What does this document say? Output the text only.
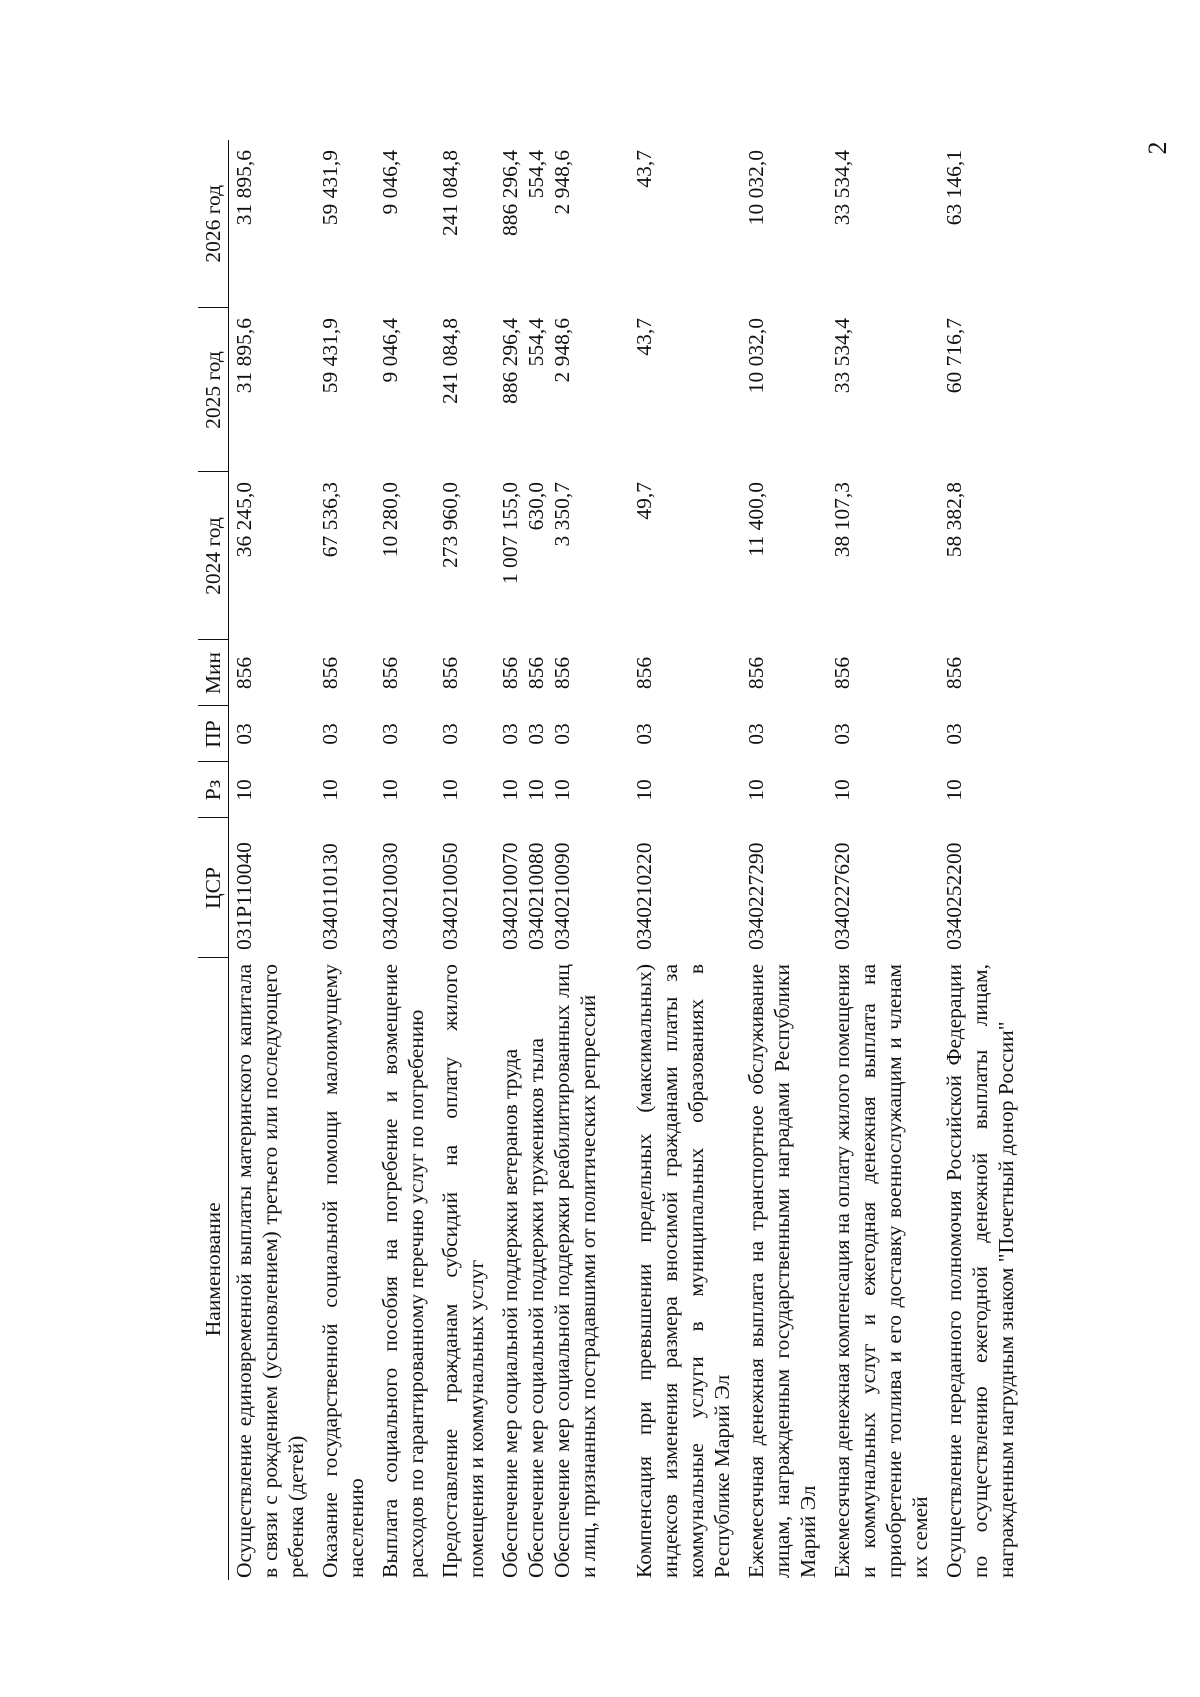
2
Наименование	ЦСР	Рз	ПР	Мин	2024 год	2025 год	2026 год
Осуществление единовременной выплаты материнского капитала в связи с рождением (усыновлением) третьего или последующего ребенка (детей)	031P110040	10	03	856	36 245,0	31 895,6	31 895,6
Оказание государственной социальной помощи малоимущему населению	0340110130	10	03	856	67 536,3	59 431,9	59 431,9
Выплата социального пособия на погребение и возмещение расходов по гарантированному перечню услуг по погребению	0340210030	10	03	856	10 280,0	9 046,4	9 046,4
Предоставление гражданам субсидий на оплату жилого помещения и коммунальных услуг	0340210050	10	03	856	273 960,0	241 084,8	241 084,8
Обеспечение мер социальной поддержки ветеранов труда	0340210070	10	03	856	1 007 155,0	886 296,4	886 296,4
Обеспечение мер социальной поддержки тружеников тыла	0340210080	10	03	856	630,0	554,4	554,4
Обеспечение мер социальной поддержки реабилитированных лиц и лиц, признанных пострадавшими от политических репрессий	0340210090	10	03	856	3 350,7	2 948,6	2 948,6
Компенсация при превышении предельных (максимальных) индексов изменения размера вносимой гражданами платы за коммунальные услуги в муниципальных образованиях в Республике Марий Эл	0340210220	10	03	856	49,7	43,7	43,7
Ежемесячная денежная выплата на транспортное обслуживание лицам, награжденным государственными наградами Республики Марий Эл	0340227290	10	03	856	11 400,0	10 032,0	10 032,0
Ежемесячная денежная компенсация на оплату жилого помещения и коммунальных услуг и ежегодная денежная выплата на приобретение топлива и его доставку военнослужащим и членам их семей	0340227620	10	03	856	38 107,3	33 534,4	33 534,4
Осуществление переданного полномочия Российской Федерации по осуществлению ежегодной денежной выплаты лицам, награжденным нагрудным знаком "Почетный донор России"	0340252200	10	03	856	58 382,8	60 716,7	63 146,1
